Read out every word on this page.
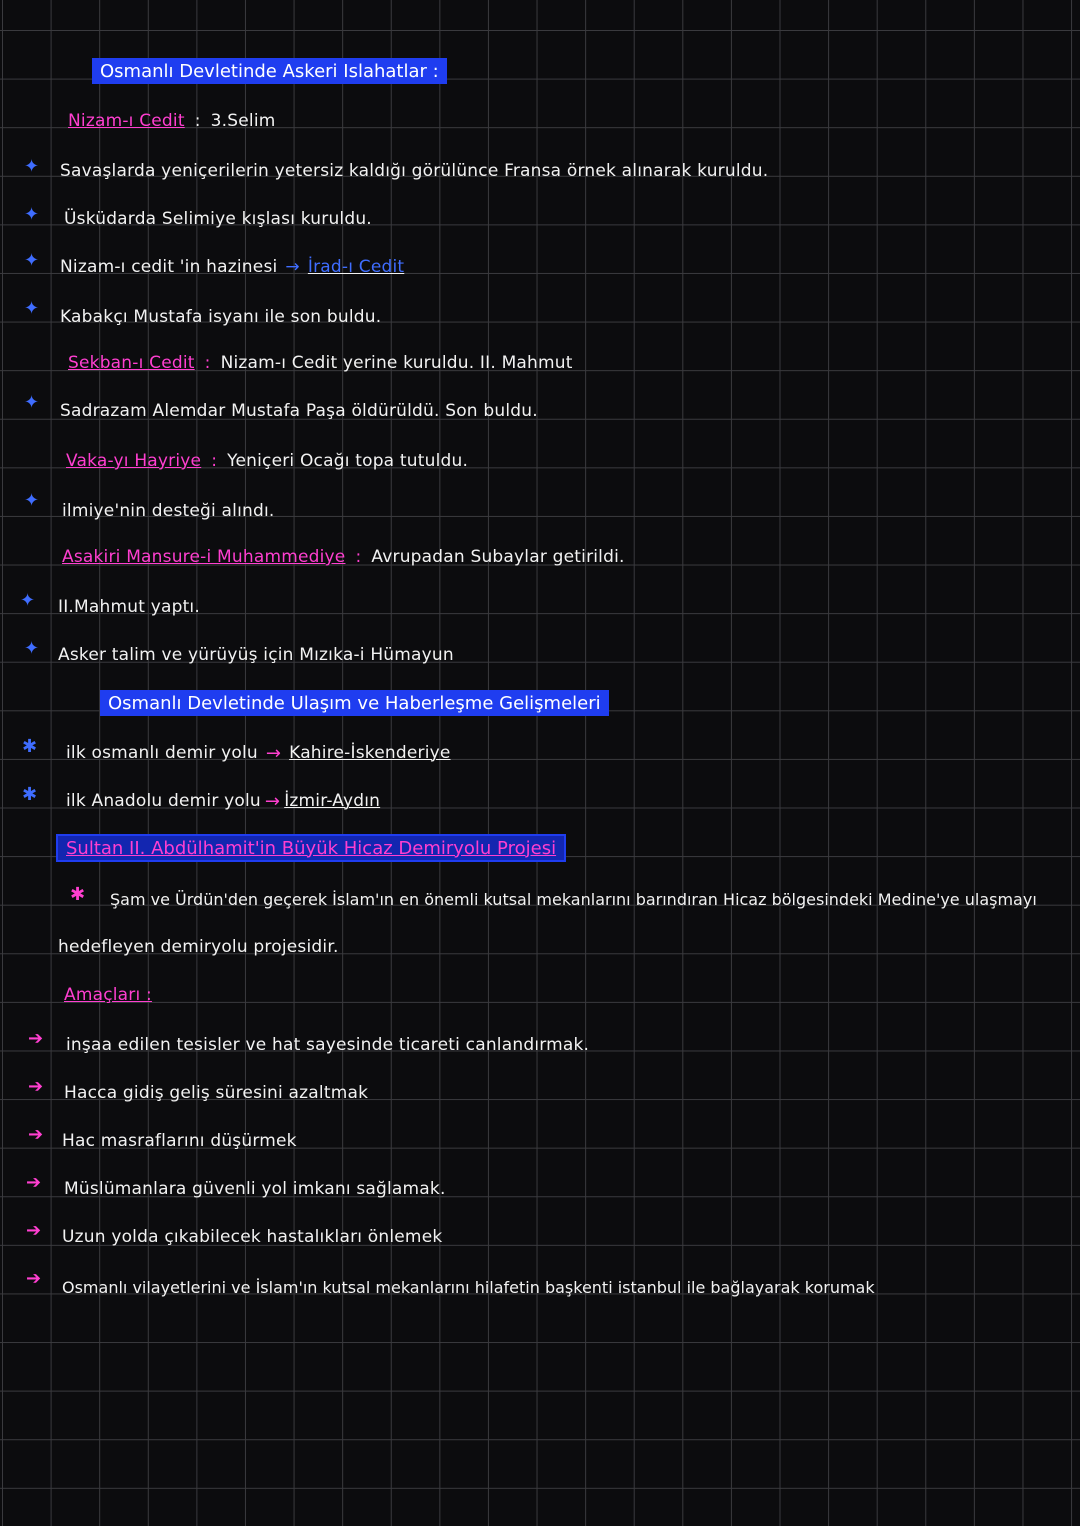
Osmanlı Devletinde Askeri Islahatlar :
Nizam-ı Cedit : 3.Selim
✦ Savaşlarda yeniçerilerin yetersiz kaldığı görülünce Fransa örnek alınarak kuruldu.
✦ Üsküdarda Selimiye kışlası kuruldu.
✦ Nizam-ı cedit 'in hazinesi → İrad-ı Cedit
✦ Kabakçı Mustafa isyanı ile son buldu.
Sekban-ı Cedit : Nizam-ı Cedit yerine kuruldu. II. Mahmut
✦ Sadrazam Alemdar Mustafa Paşa öldürüldü. Son buldu.
Vaka-yı Hayriye : Yeniçeri Ocağı topa tutuldu.
✦ ilmiye'nin desteği alındı.
Asakiri Mansure-i Muhammediye : Avrupadan Subaylar getirildi.
✦ II.Mahmut yaptı.
✦ Asker talim ve yürüyüş için Mızıka-i Hümayun
Osmanlı Devletinde Ulaşım ve Haberleşme Gelişmeleri
✱ ilk osmanlı demir yolu → Kahire-İskenderiye
✱ ilk Anadolu demir yolu → İzmir-Aydın
Sultan II. Abdülhamit'in Büyük Hicaz Demiryolu Projesi
✱ Şam ve Ürdün'den geçerek İslam'ın en önemli kutsal mekanlarını barındıran Hicaz bölgesindeki Medine'ye ulaşmayı
hedefleyen demiryolu projesidir.
Amaçları :
➔ inşaa edilen tesisler ve hat sayesinde ticareti canlandırmak.
➔ Hacca gidiş geliş süresini azaltmak
➔ Hac masraflarını düşürmek
➔ Müslümanlara güvenli yol imkanı sağlamak.
➔ Uzun yolda çıkabilecek hastalıkları önlemek
➔ Osmanlı vilayetlerini ve İslam'ın kutsal mekanlarını hilafetin başkenti istanbul ile bağlayarak korumak
